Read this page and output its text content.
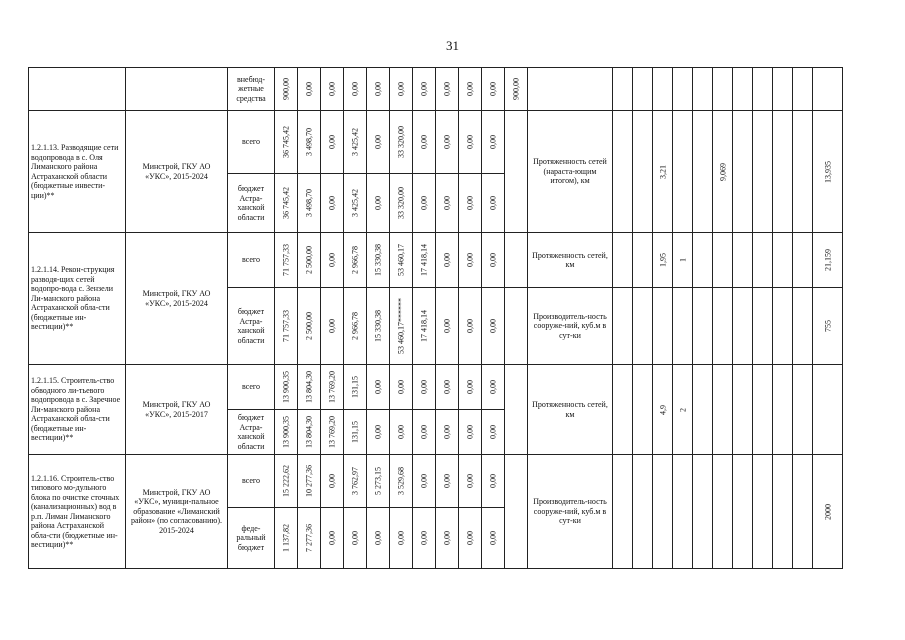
31
		внебюд-жетные средства	900,00	0,00	0,00	0,00	0,00	0,00	0,00	0,00	0,00	0,00	900,00												

1.2.1.13. Разводящие сети водопровода в с. Оля Лиманского района Астраханской области (бюджетные инвести-ции)**	Минстрой, ГКУ АО «УКС», 2015-2024	всего	36 745,42	3 498,70	0,00	3 425,42	0,00	33 320,00	0,00	0,00	0,00	0,00		Протяженность сетей (нараста-ющим итогом), км			3,21			9,069					13,935

		бюджет Астра-ханской области	36 745,42	3 498,70	0,00	3 425,42	0,00	33 320,00	0,00	0,00	0,00	0,00													

1.2.1.14. Рекон-струкция разводя-щих сетей водопро-вода с. Зензели Ли-манского района Астраханской обла-сти (бюджетные ин-вестиции)**	Минстрой, ГКУ АО «УКС», 2015-2024	всего	71 757,33	2 500,00	0,00	2 966,78	15 330,38	53 460,17	17 418,14	0,00	0,00	0,00		Протяженность сетей, км			1,95	1							21,159

		бюджет Астра-ханской области	71 757,33	2 500,00	0,00	2 966,78	15 330,38	53 460,17******	17 418,14	0,00	0,00	0,00		Производитель-ность сооруже-ний, куб.м в сут-ки											755

1.2.1.15. Строитель-ство обводного ли-тьевого водопровода в с. Заречное Ли-манского района Астраханской обла-сти (бюджетные ин-вестиции)**	Минстрой, ГКУ АО «УКС», 2015-2017	всего	13 900,35	13 804,30	13 769,20	131,15	0,00	0,00	0,00	0,00	0,00	0,00		Протяженность сетей, км			4,9	2							

		бюджет Астра-ханской области	13 900,35	13 804,30	13 769,20	131,15	0,00	0,00	0,00	0,00	0,00	0,00													

1.2.1.16. Строитель-ство типового мо-дульного блока по очистке сточных (канализационных) вод в р.п. Лиман Лиманского района Астраханской обла-сти (бюджетные ин-вестиции)**	Минстрой, ГКУ АО «УКС», муници-пальное образование «Лиманский район» (по согласованию). 2015-2024	всего	15 222,62	10 277,36	0,00	3 762,97	5 273,15	3 529,68	0,00	0,00	0,00	0,00		Производитель-ность сооруже-ний, куб.м в сут-ки											2000

		феде-ральный бюджет	1 137,82	7 277,36	0,00	0,00	0,00	0,00	0,00	0,00	0,00	0,00													
